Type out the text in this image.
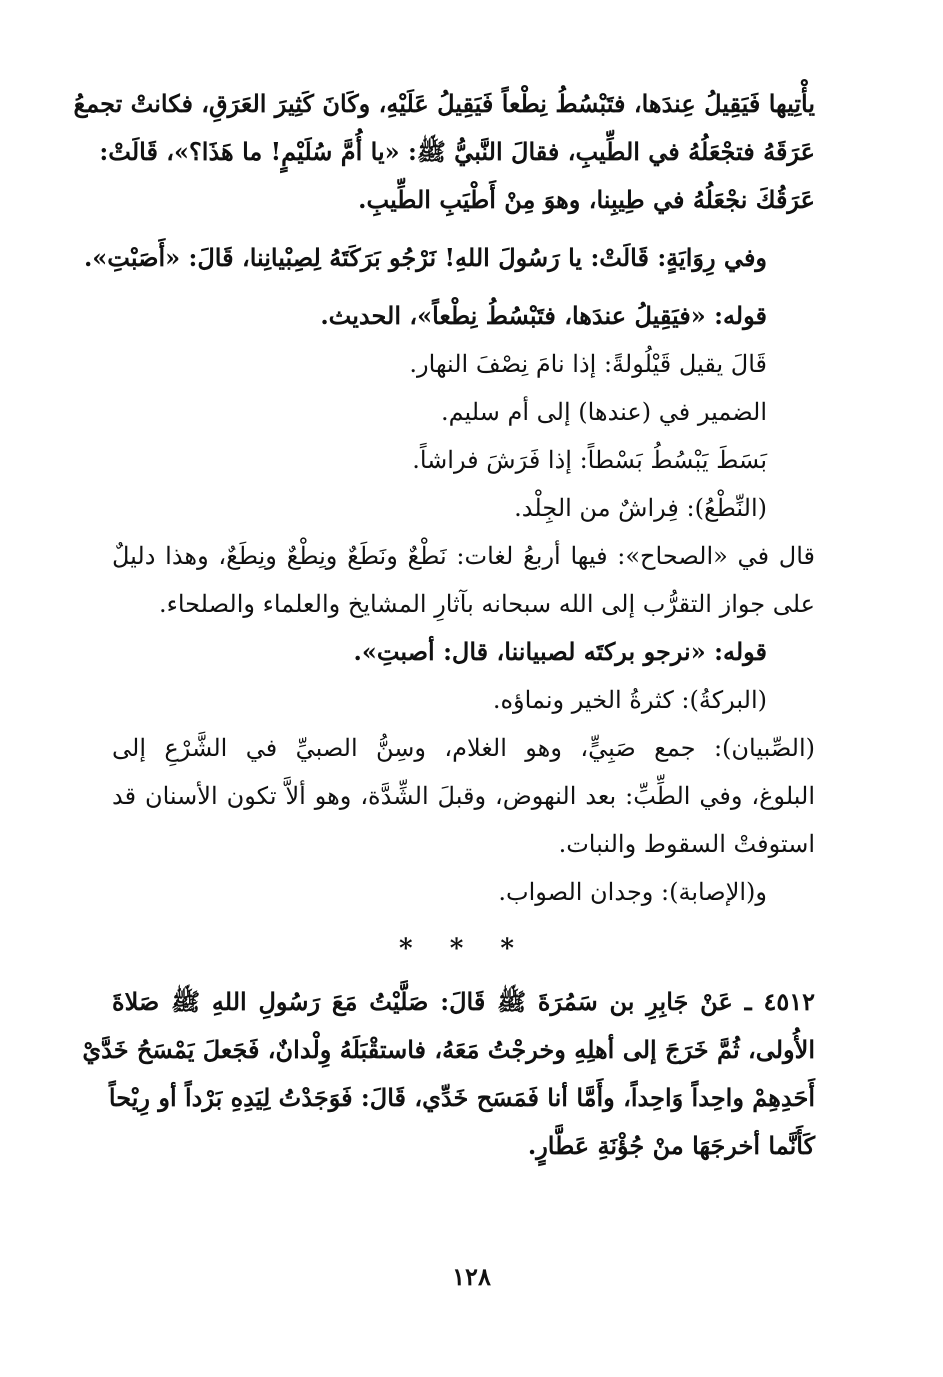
يأْتِيها فَيَقِيلُ عِندَها، فتَبْسُطُ نِطْعاً فَيَقِيلُ عَلَيْهِ، وكَانَ كَثِيرَ العَرَقِ، فكانتْ تجمعُ
عَرَقَهُ فتجْعَلُهُ في الطِّيبِ، فقالَ النَّبيُّ ﷺ: «يا أُمَّ سُلَيْمٍ! ما هَذَا؟»، قَالَتْ:
عَرَقُكَ نجْعَلُهُ في طِيبِنا، وهوَ مِنْ أَطْيَبِ الطِّيبِ.
وفي رِوَايَةٍ: قَالَتْ: يا رَسُولَ اللهِ! نَرْجُو بَرَكَتَهُ لِصِبْيانِنا، قَالَ: «أَصَبْتِ».
قوله: «فيَقِيلُ عندَها، فتَبْسُطُ نِطْعاً»، الحديث.
قَالَ يقيل قَيْلُولةً: إذا نامَ نِصْفَ النهار.
الضمير في (عندها) إلى أم سليم.
بَسَطَ يَبْسُطُ بَسْطاً: إذا فَرَشَ فراشاً.
(النِّطْعُ): فِراشٌ من الجِلْد.
قال في «الصحاح»: فيها أربعُ لغات: نَطْعٌ ونَطَعٌ ونِطْعٌ ونِطَعٌ، وهذا دليلٌ
على جواز التقرُّب إلى الله سبحانه بآثارِ المشايخ والعلماء والصلحاء.
قوله: «نرجو بركتَه لصبياننا، قال: أصبتِ».
(البركةُ): كثرةُ الخير ونماؤه.
(الصِّبيان): جمع صَبِيٍّ، وهو الغلام، وسِنُّ الصبيِّ في الشَّرْعِ إلى
البلوغ، وفي الطِّبِّ: بعد النهوض، وقبلَ الشِّدَّة، وهو ألاَّ تكون الأسنان قد
استوفتْ السقوط والنبات.
و(الإصابة): وجدان الصواب.
* * *
٤٥١٢ ـ عَنْ جَابِرِ بن سَمُرَةَ ﷺ قَالَ: صَلَّيْتُ مَعَ رَسُولِ اللهِ ﷺ صَلاةَ
الأُولى، ثُمَّ خَرَجَ إلى أهلِهِ وخرجْتُ مَعَهُ، فاستقْبَلَهُ وِلْدانٌ، فَجَعلَ يَمْسَحُ خَدَّيْ
أَحَدِهِمْ واحِداً وَاحِداً، وأَمَّا أنا فَمَسَح خَدِّي، قَالَ: فَوَجَدْتُ لِيَدِهِ بَرْداً أو رِيْحاً
كَأَنَّما أخرجَهَا منْ جُؤْنَةِ عَطَّارٍ.
١٢٨
